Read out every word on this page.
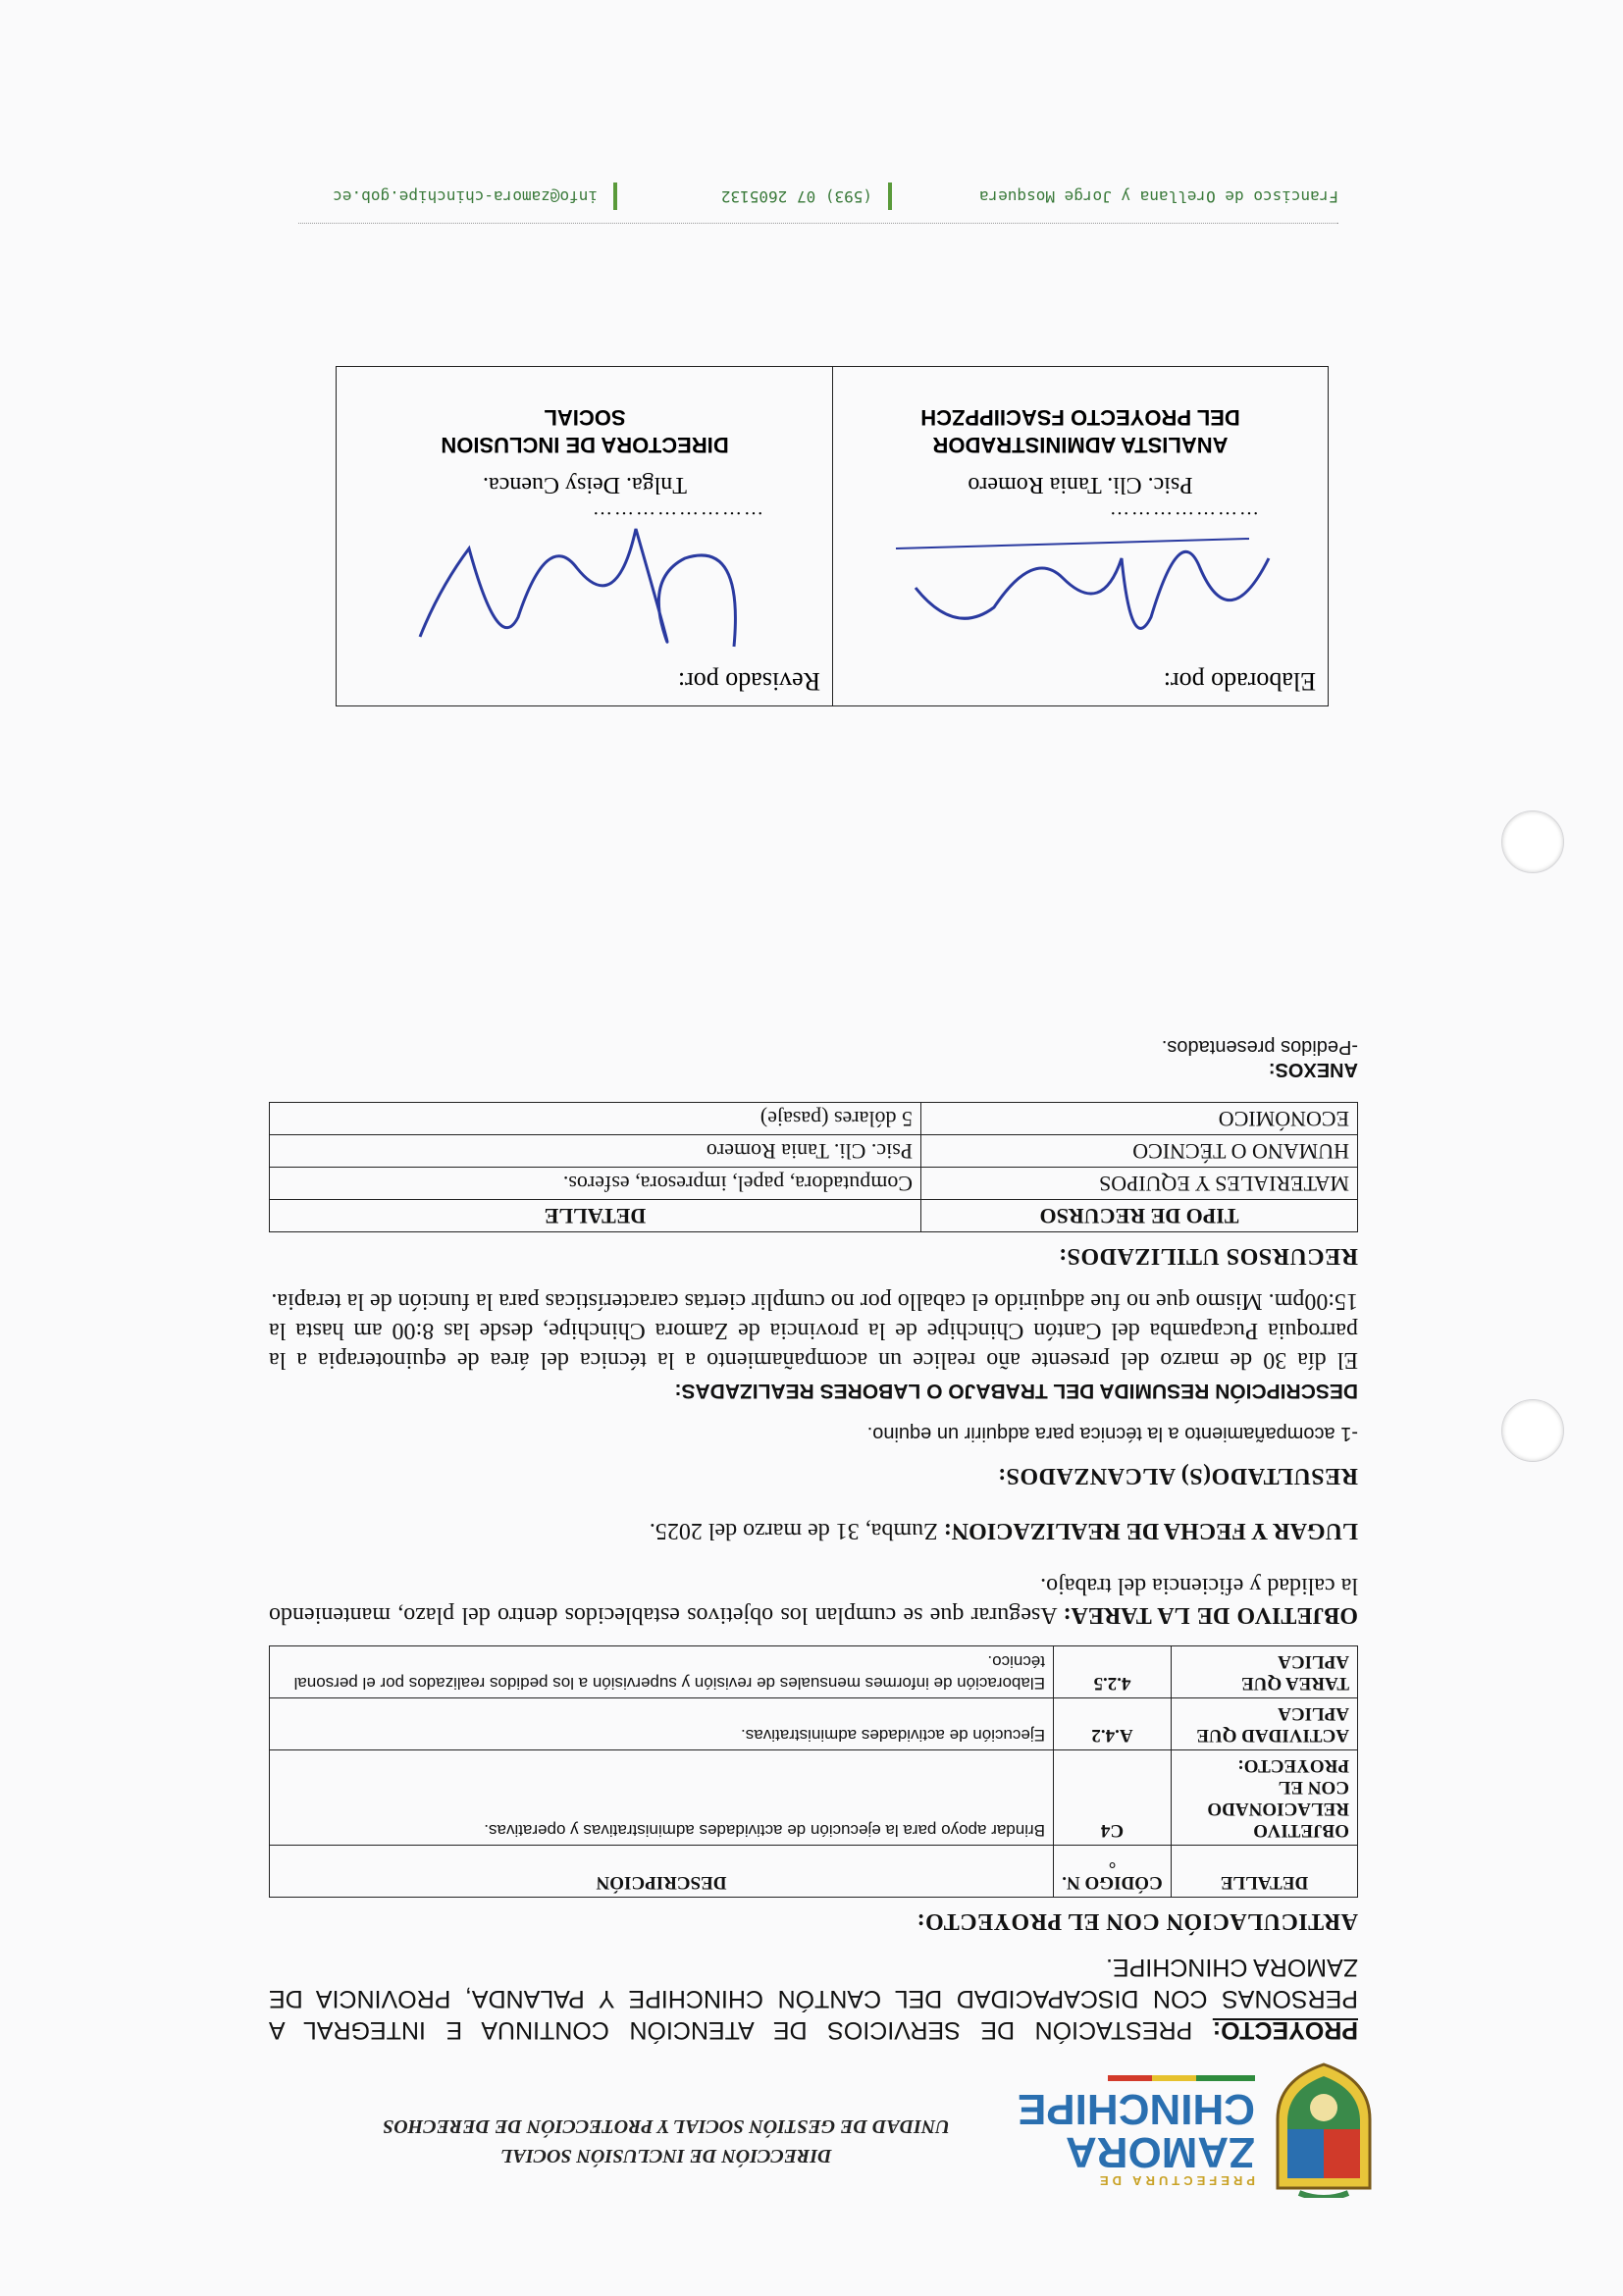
PREFECTURA DE
ZAMORA
CHINCHIPE
DIRECCIÓN DE INCLUSIÓN SOCIAL
UNIDAD DE GESTIÓN SOCIAL Y PROTECCIÓN DE DERECHOS
PROYECTO: PRESTACIÓN DE SERVICIOS DE ATENCIÓN CONTINUA E INTEGRAL A PERSONAS CON DISCAPACIDAD DEL CANTÓN CHINCHIPE Y PALANDA, PROVINCIA DE ZAMORA CHINCHIPE.
ARTICULACIÓN CON EL PROYECTO:
DETALLE	CÓDIGO N.°	DESCRIPCIÓN
OBJETIVO RELACIONADO CON EL PROYECTO:	C4	Brindar apoyo para la ejecución de actividades administrativas y operativas.
ACTIVIDAD QUE APLICA	A.4.2	Ejecución de actividades administrativas.
TAREA QUE APLICA	4.2.5	Elaboración de informes mensuales de revisión y supervisión a los pedidos realizados por el personal técnico.
OBJETIVO DE LA TAREA: Asegurar que se cumplan los objetivos establecidos dentro del plazo, manteniendo la calidad y eficiencia del trabajo.
LUGAR Y FECHA DE REALIZACION: Zumba, 31 de marzo del 2025.
RESULTADO(S) ALCANZADOS:
-1 acompañamiento a la técnica para adquirir un equino.
DESCRIPCIÓN RESUMIDA DEL TRABAJO O LABORES REALIZADAS:
El día 30 de marzo del presente año realice un acompañamiento a la técnica del área de equinoterapia a la parroquia Pucapamba del Cantón Chinchipe de la provincia de Zamora Chinchipe, desde las 8:00 am hasta la 15:00pm. Mismo que no fue adquirido el caballo por no cumplir ciertas características para la función de la terapia.
RECURSOS UTILIZADOS:
TIPO DE RECURSO	DETALLE
MATERIALES Y EQUIPOS	Computadora, papel, impresora, esferos.
HUMANO O TÉCNICO	Psic. Cli. Tania Romero
ECONÓMICO	5 dólares (pasaje)
ANEXOS:
-Pedidos presentados.
Elaborado por:
…………………
Psic. Cli. Tania Romero
ANALISTA ADMINISTRADOR
DEL PROYECTO FSACIIPPZCH
Revisado por:
……………………
Tnlga. Deisy Cuenca.
DIRECTORA DE INCLUSION
SOCIAL
Francisco de Orellana y Jorge Mosquera
(593) 07 2605132
info@zamora-chinchipe.gob.ec
